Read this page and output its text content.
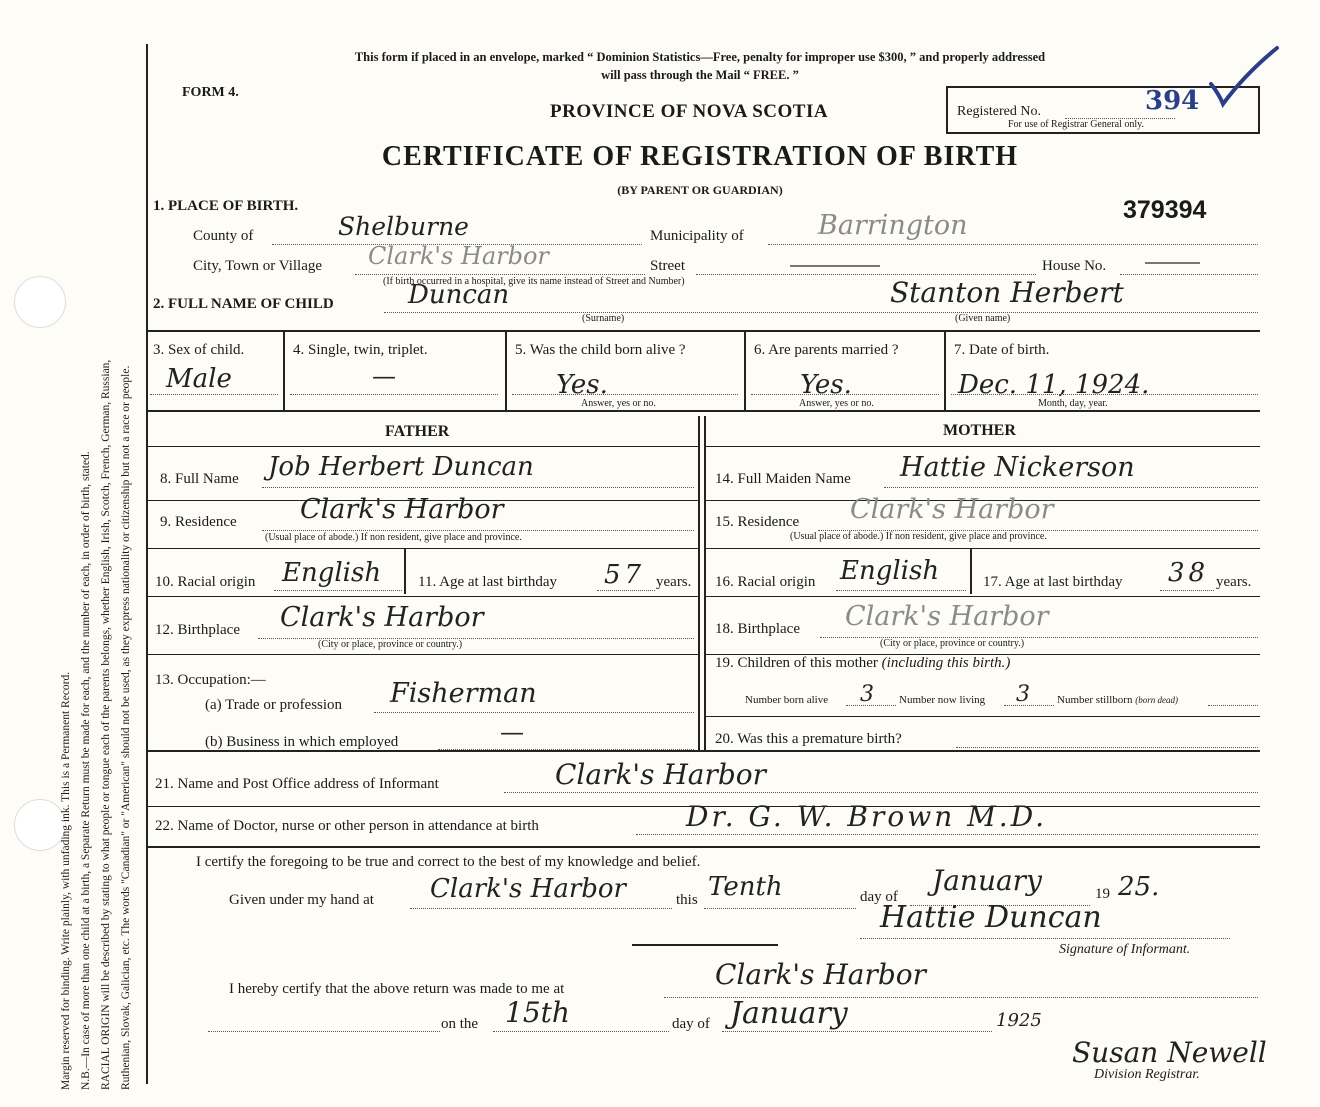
Margin reserved for binding. Write plainly, with unfading ink. This is a Permanent Record. N.B.—In case of more than one child at a birth, a Separate Return must be made for each, and the number of each, in order of birth, stated. RACIAL ORIGIN will be described by stating to what people or tongue each of the parents belongs, whether English, Irish, Scotch, French, German, Russian, Ruthenian, Slovak, Galician, etc. The words "Canadian" or "American" should not be used, as they express nationality or citizenship but not a race or people.
This form if placed in an envelope, marked “ Dominion Statistics—Free, penalty for improper use $300, ” and properly addressed
will pass through the Mail “ FREE. ”
FORM 4.
PROVINCE OF NOVA SCOTIA
CERTIFICATE OF REGISTRATION OF BIRTH
(BY PARENT OR GUARDIAN)
Registered No.	394
For use of Registrar General only.
379394
1. PLACE OF BIRTH.
County of	Shelburne	Municipality of	Barrington
City, Town or Village Clark's Harbor	Street	House No.
(If birth occurred in a hospital, give its name instead of Street and Number)
2. FULL NAME OF CHILD	Duncan	Stanton Herbert
(Surname)	(Given name)
3. Sex of child.
Male
4. Single, twin, triplet.
—
5. Was the child born alive ?
Yes.
Answer, yes or no.
6. Are parents married ?
Yes.
Answer, yes or no.
7. Date of birth.
Dec. 11, 1924.
Month, day, year.
FATHER	MOTHER
8. Full Name Job Herbert Duncan
9. Residence Clark's Harbor
(Usual place of abode.) If non resident, give place and province.
10. Racial origin English 11. Age at last birthday 57 years.
12. Birthplace Clark's Harbor
(City or place, province or country.)
13. Occupation:—
(a) Trade or profession Fisherman
(b) Business in which employed	—
14. Full Maiden Name Hattie Nickerson
15. Residence Clark's Harbor
(Usual place of abode.) If non resident, give place and province.
16. Racial origin English	17. Age at last birthday 38 years.
18. Birthplace Clark's Harbor
(City or place, province or country.)
19. Children of this mother (including this birth.)
Number born alive 3 Number now living 3 Number stillborn (born dead)
20. Was this a premature birth?
21. Name and Post Office address of Informant	Clark's Harbor
22. Name of Doctor, nurse or other person in attendance at birth	Dr. G. W. Brown M.D.
I certify the foregoing to be true and correct to the best of my knowledge and belief.
Given under my hand at Clark's Harbor	this Tenth	day of January	19 25.
Hattie Duncan
Signature of Informant.
I hereby certify that the above return was made to me at	Clark's Harbor
on the 15th	day of January	1925
Susan Newell
Division Registrar.
